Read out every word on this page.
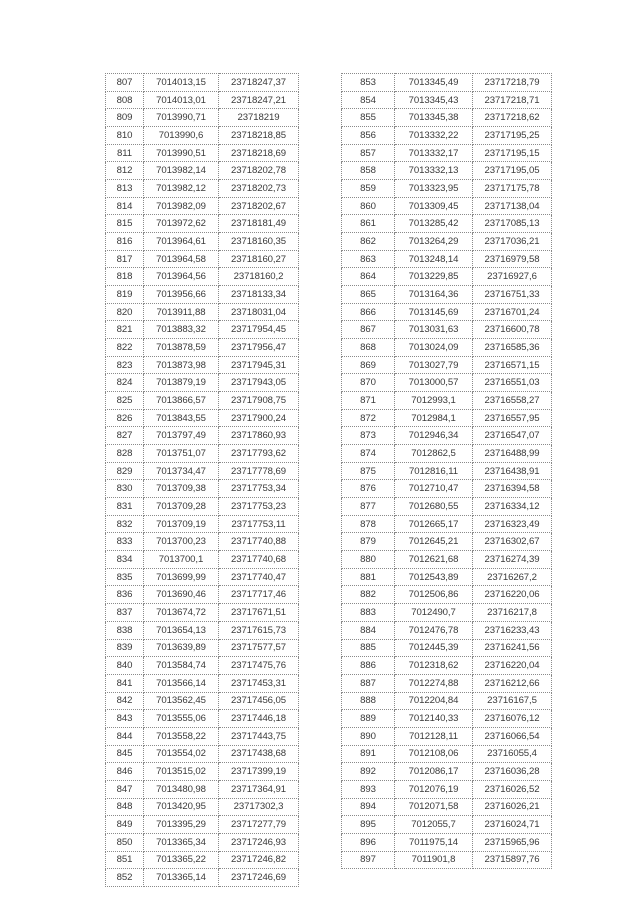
807	7014013,15	23718247,37
808	7014013,01	23718247,21
809	7013990,71	23718219
810	7013990,6	23718218,85
811	7013990,51	23718218,69
812	7013982,14	23718202,78
813	7013982,12	23718202,73
814	7013982,09	23718202,67
815	7013972,62	23718181,49
816	7013964,61	23718160,35
817	7013964,58	23718160,27
818	7013964,56	23718160,2
819	7013956,66	23718133,34
820	7013911,88	23718031,04
821	7013883,32	23717954,45
822	7013878,59	23717956,47
823	7013873,98	23717945,31
824	7013879,19	23717943,05
825	7013866,57	23717908,75
826	7013843,55	23717900,24
827	7013797,49	23717860,93
828	7013751,07	23717793,62
829	7013734,47	23717778,69
830	7013709,38	23717753,34
831	7013709,28	23717753,23
832	7013709,19	23717753,11
833	7013700,23	23717740,88
834	7013700,1	23717740,68
835	7013699,99	23717740,47
836	7013690,46	23717717,46
837	7013674,72	23717671,51
838	7013654,13	23717615,73
839	7013639,89	23717577,57
840	7013584,74	23717475,76
841	7013566,14	23717453,31
842	7013562,45	23717456,05
843	7013555,06	23717446,18
844	7013558,22	23717443,75
845	7013554,02	23717438,68
846	7013515,02	23717399,19
847	7013480,98	23717364,91
848	7013420,95	23717302,3
849	7013395,29	23717277,79
850	7013365,34	23717246,93
851	7013365,22	23717246,82
852	7013365,14	23717246,69
853	7013345,49	23717218,79
854	7013345,43	23717218,71
855	7013345,38	23717218,62
856	7013332,22	23717195,25
857	7013332,17	23717195,15
858	7013332,13	23717195,05
859	7013323,95	23717175,78
860	7013309,45	23717138,04
861	7013285,42	23717085,13
862	7013264,29	23717036,21
863	7013248,14	23716979,58
864	7013229,85	23716927,6
865	7013164,36	23716751,33
866	7013145,69	23716701,24
867	7013031,63	23716600,78
868	7013024,09	23716585,36
869	7013027,79	23716571,15
870	7013000,57	23716551,03
871	7012993,1	23716558,27
872	7012984,1	23716557,95
873	7012946,34	23716547,07
874	7012862,5	23716488,99
875	7012816,11	23716438,91
876	7012710,47	23716394,58
877	7012680,55	23716334,12
878	7012665,17	23716323,49
879	7012645,21	23716302,67
880	7012621,68	23716274,39
881	7012543,89	23716267,2
882	7012506,86	23716220,06
883	7012490,7	23716217,8
884	7012476,78	23716233,43
885	7012445,39	23716241,56
886	7012318,62	23716220,04
887	7012274,88	23716212,66
888	7012204,84	23716167,5
889	7012140,33	23716076,12
890	7012128,11	23716066,54
891	7012108,06	23716055,4
892	7012086,17	23716036,28
893	7012076,19	23716026,52
894	7012071,58	23716026,21
895	7012055,7	23716024,71
896	7011975,14	23715965,96
897	7011901,8	23715897,76
